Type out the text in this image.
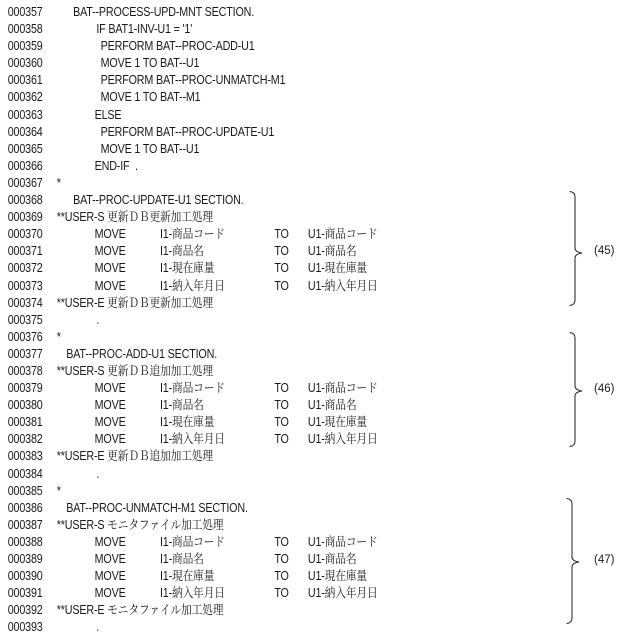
000357 BAT--PROCESS-UPD-MNT SECTION.
000358	IF BAT1-INV-U1 = '1'
000359	PERFORM BAT--PROC-ADD-U1
000360	MOVE 1 TO BAT--U1
000361	PERFORM BAT--PROC-UNMATCH-M1
000362	MOVE 1 TO BAT--M1
000363	ELSE
000364	PERFORM BAT--PROC-UPDATE-U1
000365	MOVE 1 TO BAT--U1
000366	END-IF  .
000367 *
000368 BAT--PROC-UPDATE-U1 SECTION.
000369 **USER-S 更新ＤＢ更新加工処理
000370	MOVE	I1-商品コード	TO U1-商品コード
000371	MOVE	I1-商品名	TO U1-商品名
000372	MOVE	I1-現在庫量	TO U1-現在庫量
000373	MOVE	I1-納入年月日	TO U1-納入年月日
000374 **USER-E 更新ＤＢ更新加工処理
000375	.
000376 *
000377 BAT--PROC-ADD-U1 SECTION.
000378 **USER-S 更新ＤＢ追加加工処理
000379	MOVE	I1-商品コード	TO U1-商品コード
000380	MOVE	I1-商品名	TO U1-商品名
000381	MOVE	I1-現在庫量	TO U1-現在庫量
000382	MOVE	I1-納入年月日	TO U1-納入年月日
000383 **USER-E 更新ＤＢ追加加工処理
000384	.
000385 *
000386 BAT--PROC-UNMATCH-M1 SECTION.
000387 **USER-S モニタファイル加工処理
000388	MOVE	I1-商品コード	TO U1-商品コード
000389	MOVE	I1-商品名	TO U1-商品名
000390	MOVE	I1-現在庫量	TO U1-現在庫量
000391	MOVE	I1-納入年月日	TO U1-納入年月日
000392 **USER-E モニタファイル加工処理
000393	.
(45)
(46)
(47)
